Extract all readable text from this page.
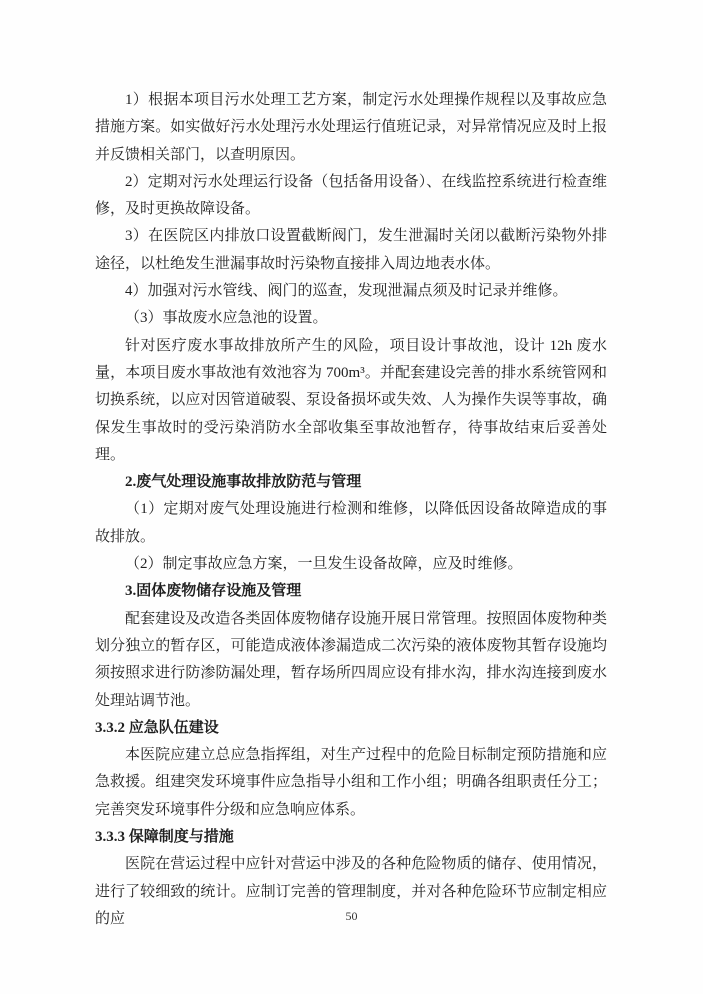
1）根据本项目污水处理工艺方案，制定污水处理操作规程以及事故应急措施方案。如实做好污水处理污水处理运行值班记录，对异常情况应及时上报并反馈相关部门，以查明原因。

2）定期对污水处理运行设备（包括备用设备）、在线监控系统进行检查维修，及时更换故障设备。

3）在医院区内排放口设置截断阀门，发生泄漏时关闭以截断污染物外排途径，以杜绝发生泄漏事故时污染物直接排入周边地表水体。

4）加强对污水管线、阀门的巡查，发现泄漏点须及时记录并维修。

（3）事故废水应急池的设置。

针对医疗废水事故排放所产生的风险，项目设计事故池，设计 12h 废水量，本项目废水事故池有效池容为 700m³。并配套建设完善的排水系统管网和切换系统，以应对因管道破裂、泵设备损坏或失效、人为操作失误等事故，确保发生事故时的受污染消防水全部收集至事故池暂存，待事故结束后妥善处理。

2.废气处理设施事故排放防范与管理

（1）定期对废气处理设施进行检测和维修，以降低因设备故障造成的事故排放。

（2）制定事故应急方案，一旦发生设备故障，应及时维修。

3.固体废物储存设施及管理

配套建设及改造各类固体废物储存设施开展日常管理。按照固体废物种类划分独立的暂存区，可能造成液体渗漏造成二次污染的液体废物其暂存设施均须按照求进行防渗防漏处理，暂存场所四周应设有排水沟，排水沟连接到废水处理站调节池。

3.3.2 应急队伍建设

本医院应建立总应急指挥组，对生产过程中的危险目标制定预防措施和应急救援。组建突发环境事件应急指导小组和工作小组；明确各组职责任分工；完善突发环境事件分级和应急响应体系。

3.3.3 保障制度与措施

医院在营运过程中应针对营运中涉及的各种危险物质的储存、使用情况，进行了较细致的统计。应制订完善的管理制度，并对各种危险环节应制定相应的应	50
